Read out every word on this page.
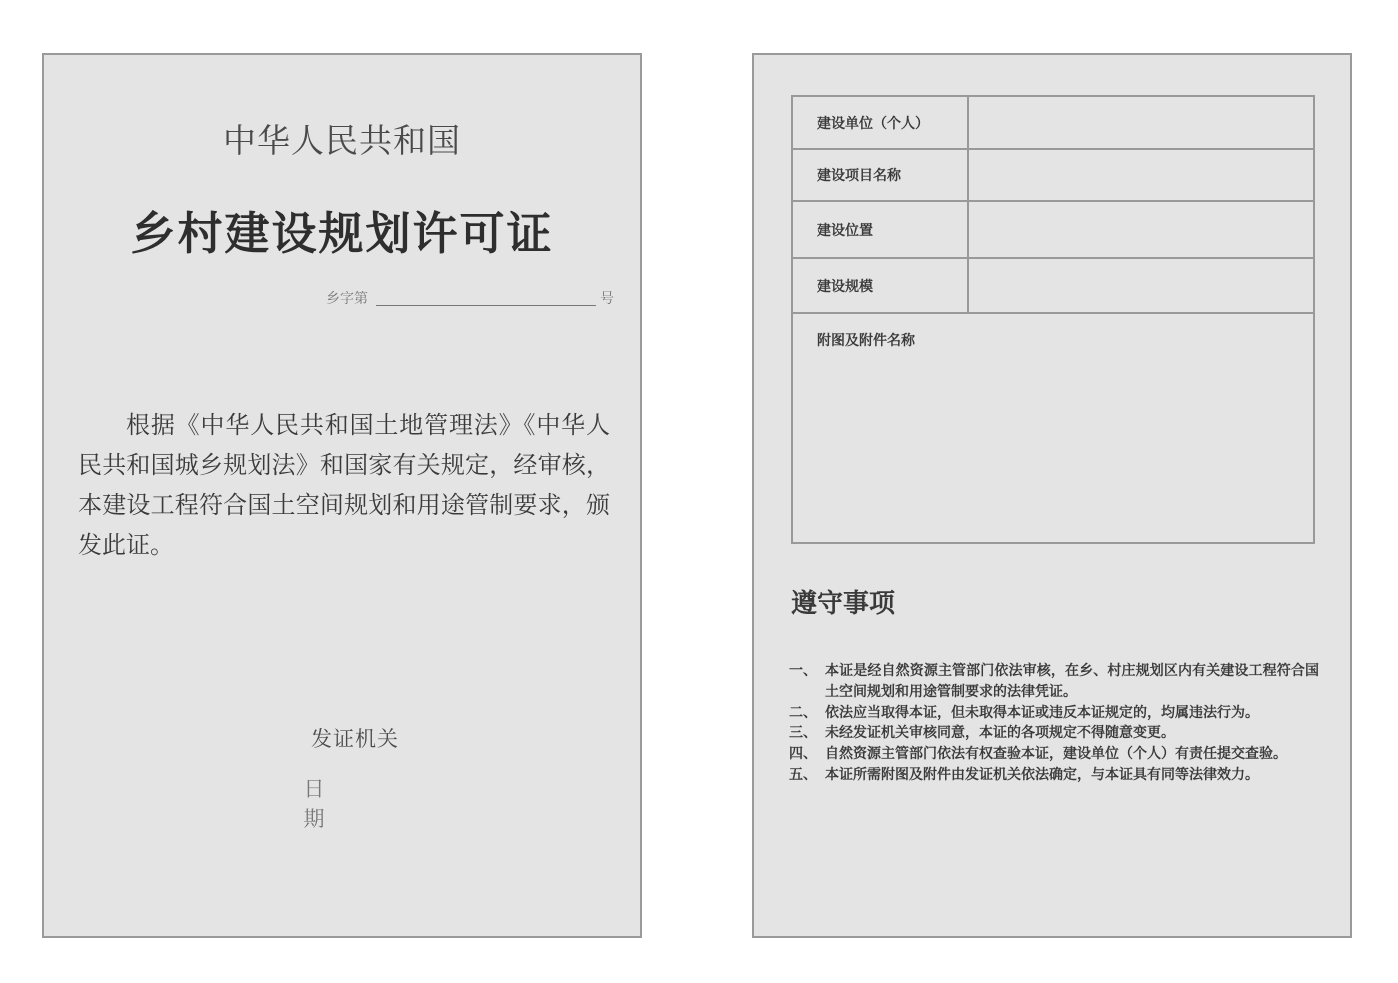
中华人民共和国
乡村建设规划许可证
乡字第	号
根据《中华人民共和国土地管理法》《中华人民共和国城乡规划法》和国家有关规定，经审核，本建设工程符合国土空间规划和用途管制要求，颁发此证。
发证机关
日期
建设单位（个人）	
建设项目名称	
建设位置	
建设规模	
附图及附件名称	
遵守事项
一、 本证是经自然资源主管部门依法审核，在乡、村庄规划区内有关建设工程符合国土空间规划和用途管制要求的法律凭证。
二、 依法应当取得本证，但未取得本证或违反本证规定的，均属违法行为。
三、 未经发证机关审核同意，本证的各项规定不得随意变更。
四、 自然资源主管部门依法有权查验本证，建设单位（个人）有责任提交查验。
五、 本证所需附图及附件由发证机关依法确定，与本证具有同等法律效力。
